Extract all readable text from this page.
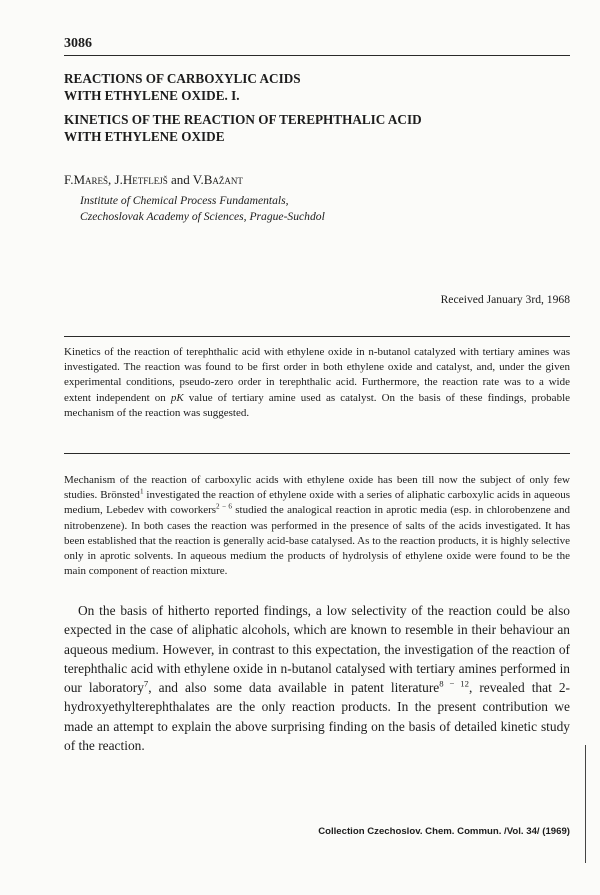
3086
REACTIONS OF CARBOXYLIC ACIDS
WITH ETHYLENE OXIDE. I.
KINETICS OF THE REACTION OF TEREPHTHALIC ACID
WITH ETHYLENE OXIDE
F.Mareš, J.Hetflejš and V.Bažant
Institute of Chemical Process Fundamentals,
Czechoslovak Academy of Sciences, Prague-Suchdol
Received January 3rd, 1968

Kinetics of the reaction of terephthalic acid with ethylene oxide in n-butanol catalyzed with tertiary amines was investigated. The reaction was found to be first order in both ethylene oxide and catalyst, and, under the given experimental conditions, pseudo-zero order in terephthalic acid. Furthermore, the reaction rate was to a wide extent independent on pK value of tertiary amine used as catalyst. On the basis of these findings, probable mechanism of the reaction was suggested.

Mechanism of the reaction of carboxylic acids with ethylene oxide has been till now the subject of only few studies. Brönsted$^1$ investigated the reaction of ethylene oxide with a series of aliphatic carboxylic acids in aqueous medium, Lebedev with coworkers$^{2 - 6}$ studied the analogical reaction in aprotic media (esp. in chlorobenzene and nitrobenzene). In both cases the reaction was performed in the presence of salts of the acids investigated. It has been established that the reaction is generally acid-base catalysed. As to the reaction products, it is highly selective only in aprotic solvents. In aqueous medium the products of hydrolysis of ethylene oxide were found to be the main component of reaction mixture.

On the basis of hitherto reported findings, a low selectivity of the reaction could be also expected in the case of aliphatic alcohols, which are known to resemble in their behaviour an aqueous medium. However, in contrast to this expectation, the investigation of the reaction of terephthalic acid with ethylene oxide in n-butanol catalysed with tertiary amines performed in our laboratory$^7$, and also some data available in patent literature$^{8 - 12}$, revealed that 2-hydroxyethylterephthalates are the only reaction products. In the present contribution we made an attempt to explain the above surprising finding on the basis of detailed kinetic study of the reaction.

Collection Czechoslov. Chem. Commun. /Vol. 34/ (1969)
